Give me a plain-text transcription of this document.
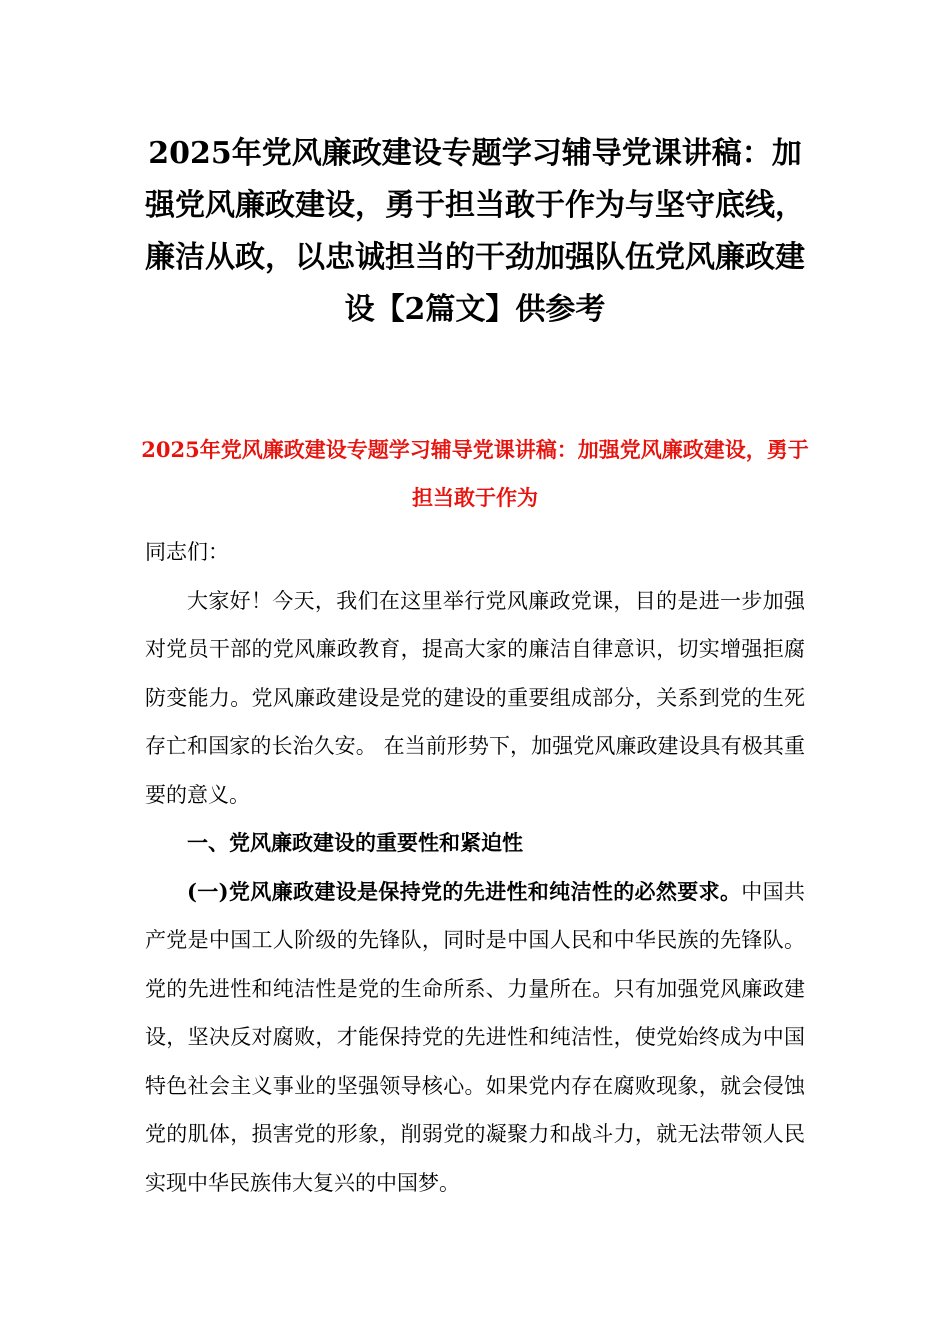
2025年党风廉政建设专题学习辅导党课讲稿：加强党风廉政建设，勇于担当敢于作为与坚守底线，廉洁从政，以忠诚担当的干劲加强队伍党风廉政建设【2篇文】供参考
2025年党风廉政建设专题学习辅导党课讲稿：加强党风廉政建设，勇于担当敢于作为

同志们：

大家好！今天，我们在这里举行党风廉政党课，目的是进一步加强对党员干部的党风廉政教育，提高大家的廉洁自律意识，切实增强拒腐防变能力。党风廉政建设是党的建设的重要组成部分，关系到党的生死存亡和国家的长治久安。 在当前形势下，加强党风廉政建设具有极其重要的意义。

一、党风廉政建设的重要性和紧迫性

(一)党风廉政建设是保持党的先进性和纯洁性的必然要求。中国共产党是中国工人阶级的先锋队，同时是中国人民和中华民族的先锋队。党的先进性和纯洁性是党的生命所系、力量所在。只有加强党风廉政建设，坚决反对腐败，才能保持党的先进性和纯洁性，使党始终成为中国特色社会主义事业的坚强领导核心。如果党内存在腐败现象，就会侵蚀党的肌体，损害党的形象，削弱党的凝聚力和战斗力，就无法带领人民实现中华民族伟大复兴的中国梦。
